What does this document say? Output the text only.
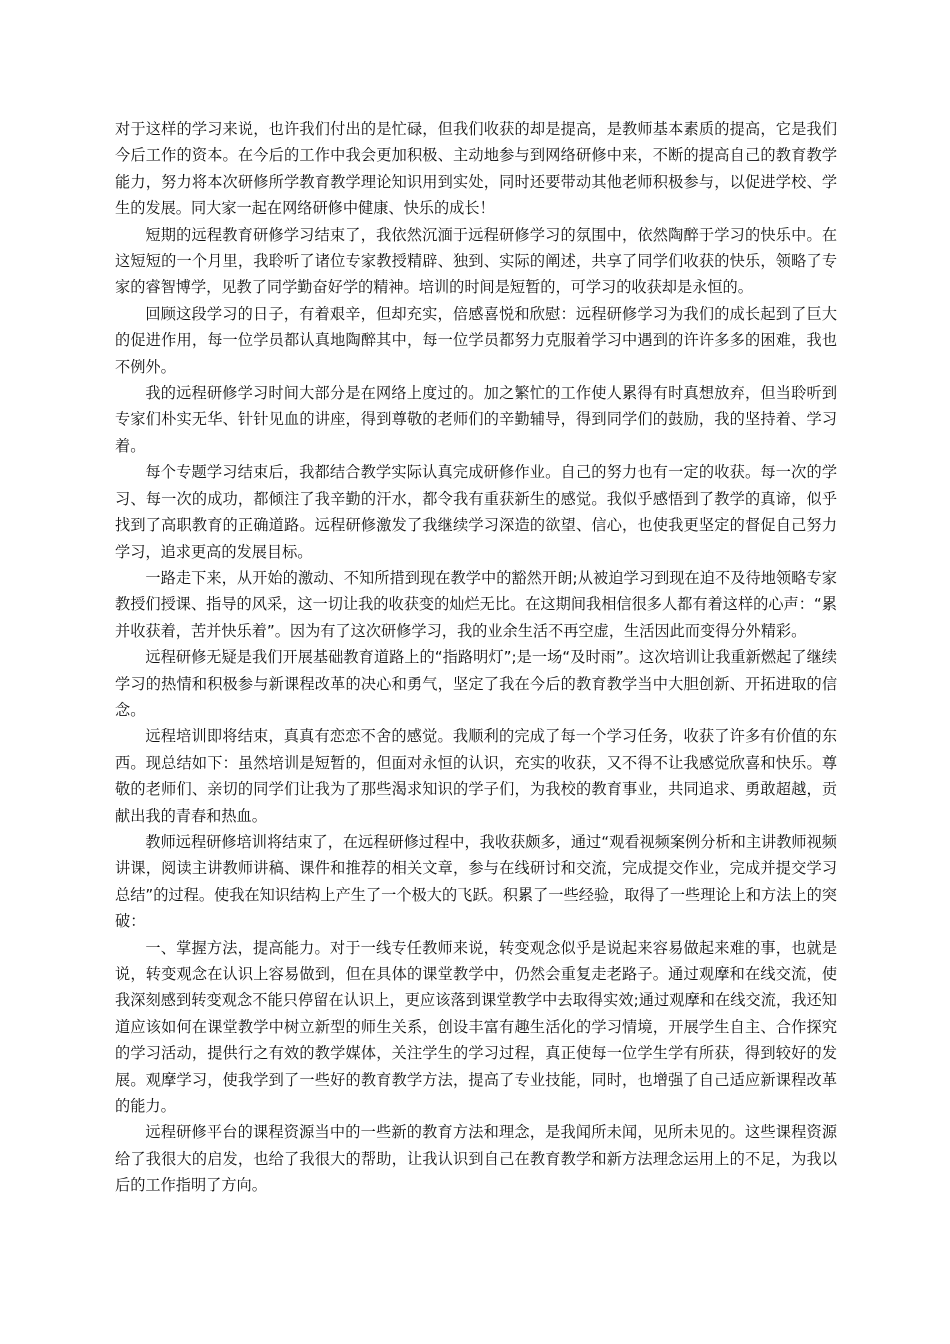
对于这样的学习来说，也许我们付出的是忙碌，但我们收获的却是提高，是教师基本素质的提高，它是我们今后工作的资本。在今后的工作中我会更加积极、主动地参与到网络研修中来，不断的提高自己的教育教学能力，努力将本次研修所学教育教学理论知识用到实处，同时还要带动其他老师积极参与，以促进学校、学生的发展。同大家一起在网络研修中健康、快乐的成长！

短期的远程教育研修学习结束了，我依然沉湎于远程研修学习的氛围中，依然陶醉于学习的快乐中。在这短短的一个月里，我聆听了诸位专家教授精辟、独到、实际的阐述，共享了同学们收获的快乐，领略了专家的睿智博学，见教了同学勤奋好学的精神。培训的时间是短暂的，可学习的收获却是永恒的。

回顾这段学习的日子，有着艰辛，但却充实，倍感喜悦和欣慰：远程研修学习为我们的成长起到了巨大的促进作用，每一位学员都认真地陶醉其中，每一位学员都努力克服着学习中遇到的许许多多的困难，我也不例外。

我的远程研修学习时间大部分是在网络上度过的。加之繁忙的工作使人累得有时真想放弃，但当聆听到专家们朴实无华、针针见血的讲座，得到尊敬的老师们的辛勤辅导，得到同学们的鼓励，我的坚持着、学习着。

每个专题学习结束后，我都结合教学实际认真完成研修作业。自己的努力也有一定的收获。每一次的学习、每一次的成功，都倾注了我辛勤的汗水，都令我有重获新生的感觉。我似乎感悟到了教学的真谛，似乎找到了高职教育的正确道路。远程研修激发了我继续学习深造的欲望、信心，也使我更坚定的督促自己努力学习，追求更高的发展目标。

一路走下来，从开始的激动、不知所措到现在教学中的豁然开朗;从被迫学习到现在迫不及待地领略专家教授们授课、指导的风采，这一切让我的收获变的灿烂无比。在这期间我相信很多人都有着这样的心声：“累并收获着，苦并快乐着”。因为有了这次研修学习，我的业余生活不再空虚，生活因此而变得分外精彩。

远程研修无疑是我们开展基础教育道路上的“指路明灯”;是一场“及时雨”。这次培训让我重新燃起了继续学习的热情和积极参与新课程改革的决心和勇气，坚定了我在今后的教育教学当中大胆创新、开拓进取的信念。

远程培训即将结束，真真有恋恋不舍的感觉。我顺利的完成了每一个学习任务，收获了许多有价值的东西。现总结如下：虽然培训是短暂的，但面对永恒的认识，充实的收获，又不得不让我感觉欣喜和快乐。尊敬的老师们、亲切的同学们让我为了那些渴求知识的学子们，为我校的教育事业，共同追求、勇敢超越，贡献出我的青春和热血。

教师远程研修培训将结束了，在远程研修过程中，我收获颇多，通过“观看视频案例分析和主讲教师视频讲课，阅读主讲教师讲稿、课件和推荐的相关文章，参与在线研讨和交流，完成提交作业，完成并提交学习总结”的过程。使我在知识结构上产生了一个极大的飞跃。积累了一些经验，取得了一些理论上和方法上的突破：

一、掌握方法，提高能力。对于一线专任教师来说，转变观念似乎是说起来容易做起来难的事，也就是说，转变观念在认识上容易做到，但在具体的课堂教学中，仍然会重复走老路子。通过观摩和在线交流，使我深刻感到转变观念不能只停留在认识上，更应该落到课堂教学中去取得实效;通过观摩和在线交流，我还知道应该如何在课堂教学中树立新型的师生关系，创设丰富有趣生活化的学习情境，开展学生自主、合作探究的学习活动，提供行之有效的教学媒体，关注学生的学习过程，真正使每一位学生学有所获，得到较好的发展。观摩学习，使我学到了一些好的教育教学方法，提高了专业技能，同时，也增强了自己适应新课程改革的能力。

远程研修平台的课程资源当中的一些新的教育方法和理念，是我闻所未闻，见所未见的。这些课程资源给了我很大的启发，也给了我很大的帮助，让我认识到自己在教育教学和新方法理念运用上的不足，为我以后的工作指明了方向。
